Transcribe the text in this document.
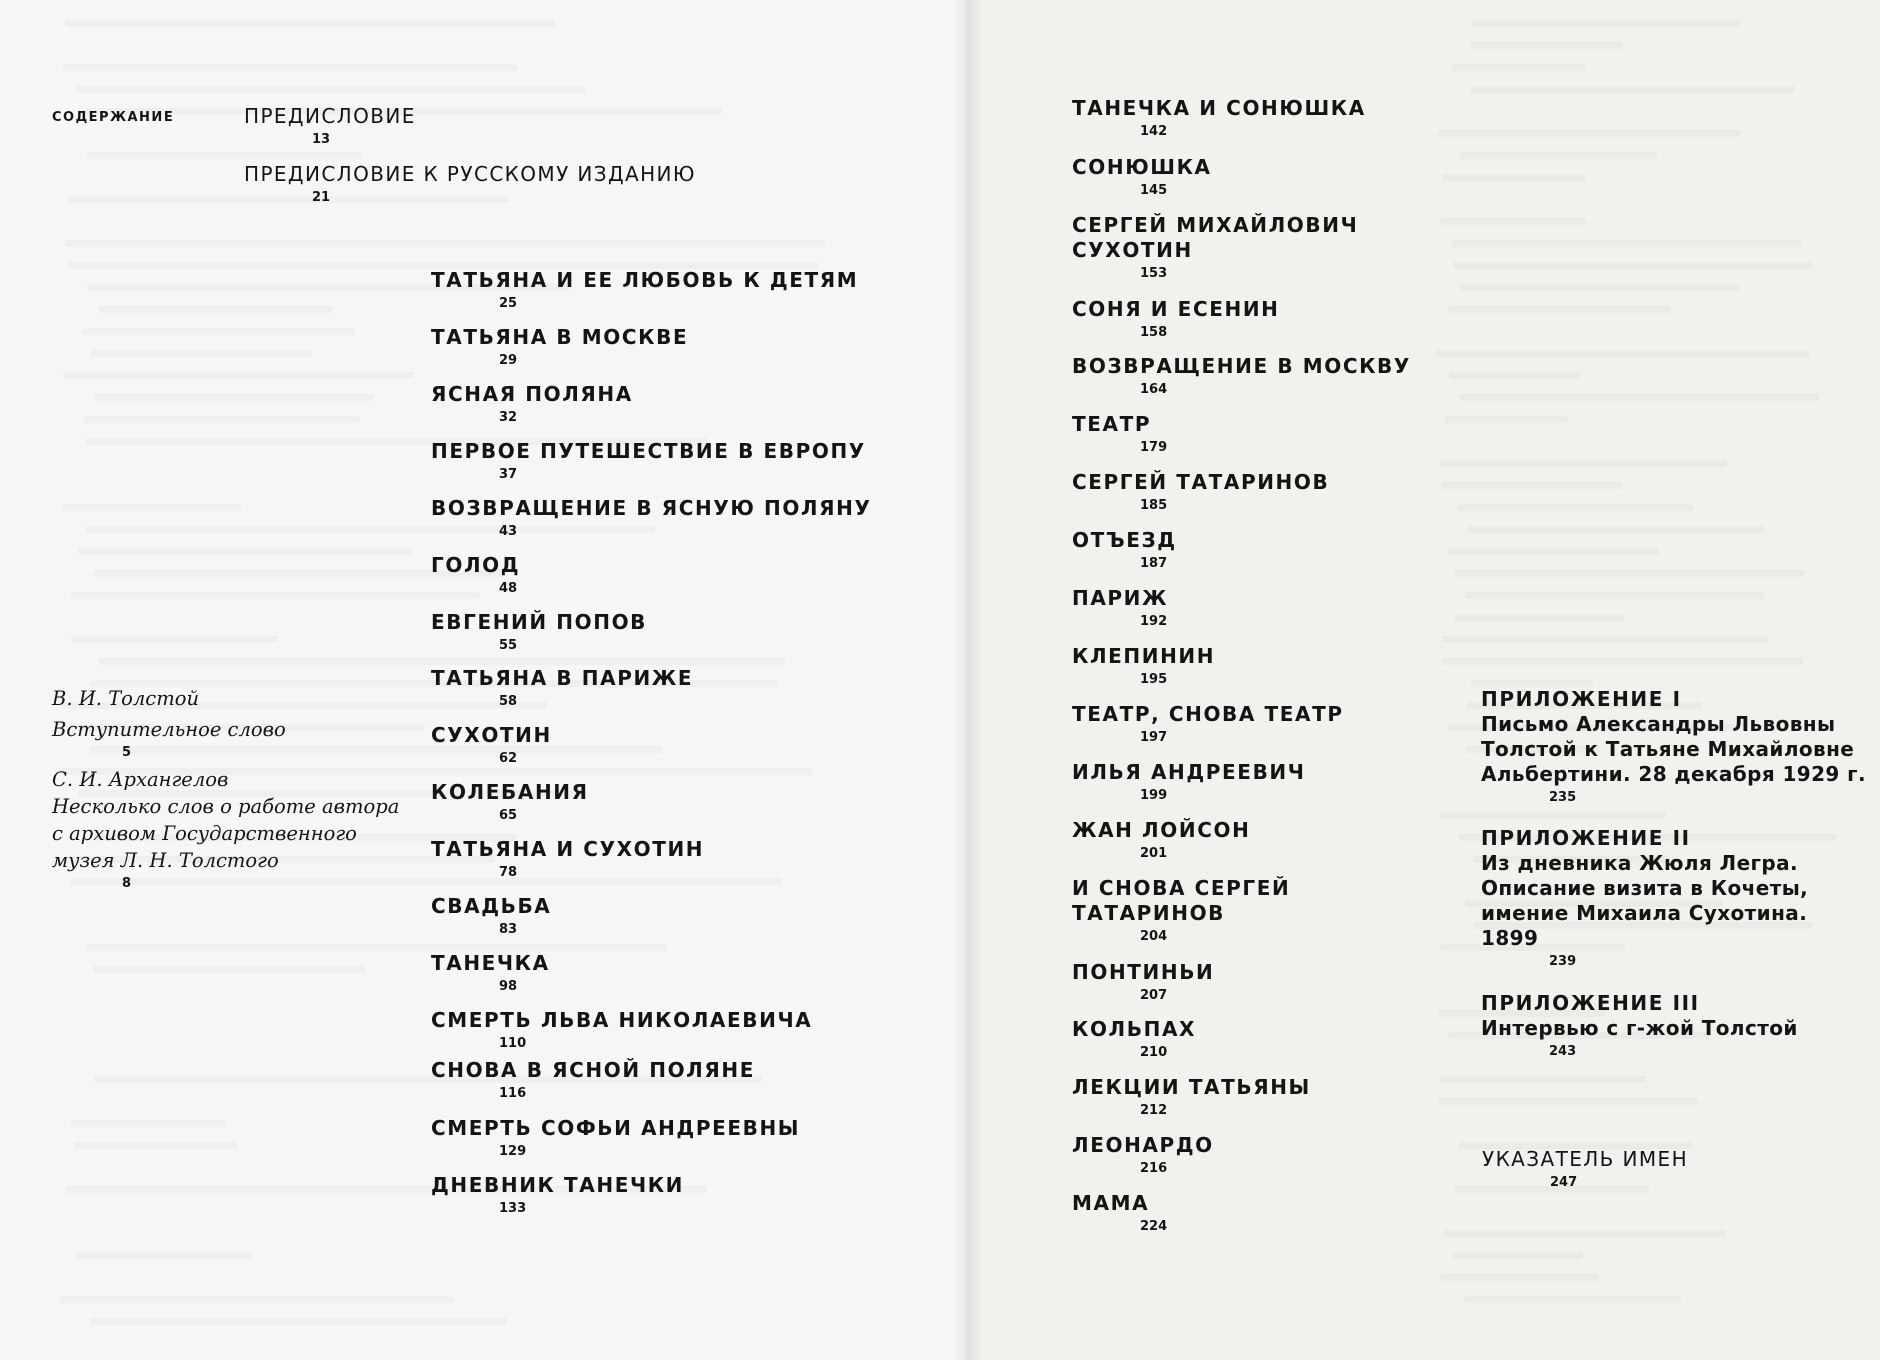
СОДЕРЖАНИЕ	ПРЕДИСЛОВИЕ
13
ПРЕДИСЛОВИЕ К РУССКОМУ ИЗДАНИЮ
21
В. И. Толстой
Вступительное слово
5
С. И. Архангелов
Несколько слов о работе автора
с архивом Государственного
музея Л. Н. Толстого
8
ТАТЬЯНА И ЕЕ ЛЮБОВЬ К ДЕТЯМ
25
ТАТЬЯНА В МОСКВЕ
29
ЯСНАЯ ПОЛЯНА
32
ПЕРВОЕ ПУТЕШЕСТВИЕ В ЕВРОПУ
37
ВОЗВРАЩЕНИЕ В ЯСНУЮ ПОЛЯНУ
43
ГОЛОД
48
ЕВГЕНИЙ ПОПОВ
55
ТАТЬЯНА В ПАРИЖЕ
58
СУХОТИН
62
КОЛЕБАНИЯ
65
ТАТЬЯНА И СУХОТИН
78
СВАДЬБА
83
ТАНЕЧКА
98
СМЕРТЬ ЛЬВА НИКОЛАЕВИЧА
110
СНОВА В ЯСНОЙ ПОЛЯНЕ
116
СМЕРТЬ СОФЬИ АНДРЕЕВНЫ
129
ДНЕВНИК ТАНЕЧКИ
133
ТАНЕЧКА И СОНЮШКА
142
СОНЮШКА
145
СЕРГЕЙ МИХАЙЛОВИЧ
СУХОТИН
153
СОНЯ И ЕСЕНИН
158
ВОЗВРАЩЕНИЕ В МОСКВУ
164
ТЕАТР
179
СЕРГЕЙ ТАТАРИНОВ
185
ОТЪЕЗД
187
ПАРИЖ
192
КЛЕПИНИН
195
ТЕАТР, СНОВА ТЕАТР
197
ИЛЬЯ АНДРЕЕВИЧ
199
ЖАН ЛОЙСОН
201
И СНОВА СЕРГЕЙ
ТАТАРИНОВ
204
ПОНТИНЬИ
207
КОЛЬПАХ
210
ЛЕКЦИИ ТАТЬЯНЫ
212
ЛЕОНАРДО
216
МАМА
224
ПРИЛОЖЕНИЕ I
Письмо Александры Львовны
Толстой к Татьяне Михайловне
Альбертини. 28 декабря 1929 г.
235
ПРИЛОЖЕНИЕ II
Из дневника Жюля Легра.
Описание визита в Кочеты,
имение Михаила Сухотина.
1899
239
ПРИЛОЖЕНИЕ III
Интервью с г-жой Толстой
243
УКАЗАТЕЛЬ ИМЕН
247
